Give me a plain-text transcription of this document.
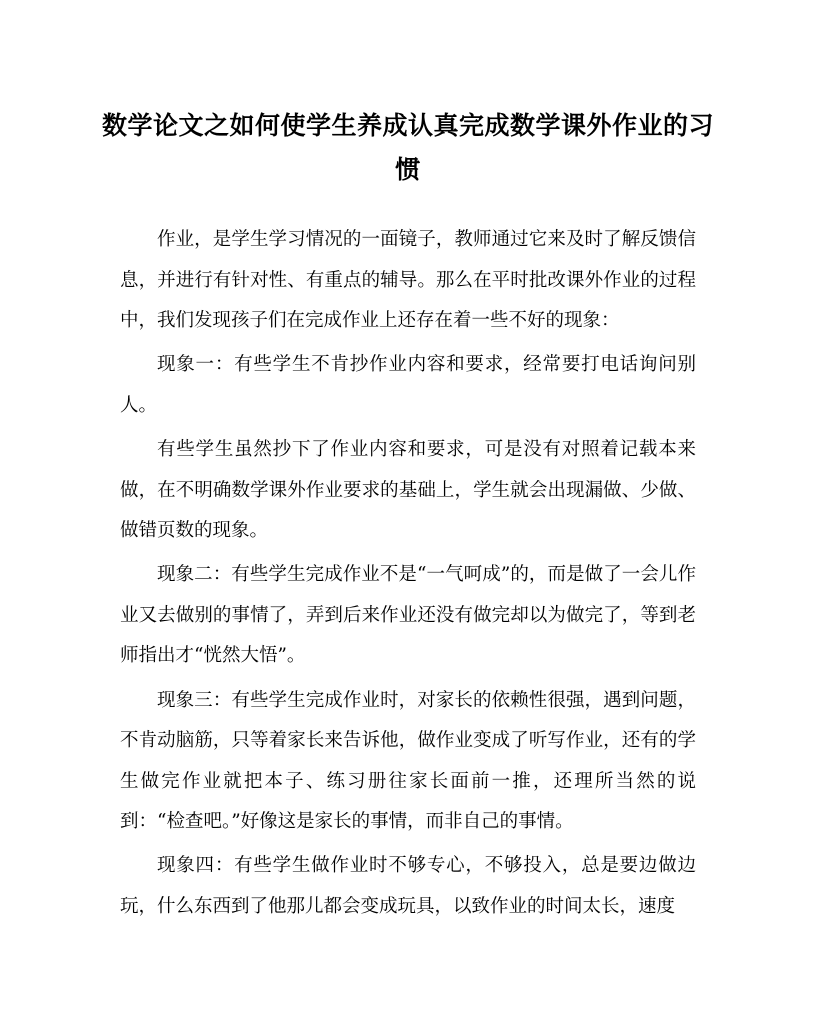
数学论文之如何使学生养成认真完成数学课外作业的习惯

作业，是学生学习情况的一面镜子，教师通过它来及时了解反馈信息，并进行有针对性、有重点的辅导。那么在平时批改课外作业的过程中，我们发现孩子们在完成作业上还存在着一些不好的现象：

现象一：有些学生不肯抄作业内容和要求，经常要打电话询问别人。

有些学生虽然抄下了作业内容和要求，可是没有对照着记载本来做，在不明确数学课外作业要求的基础上，学生就会出现漏做、少做、做错页数的现象。

现象二：有些学生完成作业不是“一气呵成”的，而是做了一会儿作业又去做别的事情了，弄到后来作业还没有做完却以为做完了，等到老师指出才“恍然大悟”。

现象三：有些学生完成作业时，对家长的依赖性很强，遇到问题，不肯动脑筋，只等着家长来告诉他，做作业变成了听写作业，还有的学生做完作业就把本子、练习册往家长面前一推，还理所当然的说到：“检查吧。”好像这是家长的事情，而非自己的事情。

现象四：有些学生做作业时不够专心，不够投入，总是要边做边玩，什么东西到了他那儿都会变成玩具，以致作业的时间太长，速度
